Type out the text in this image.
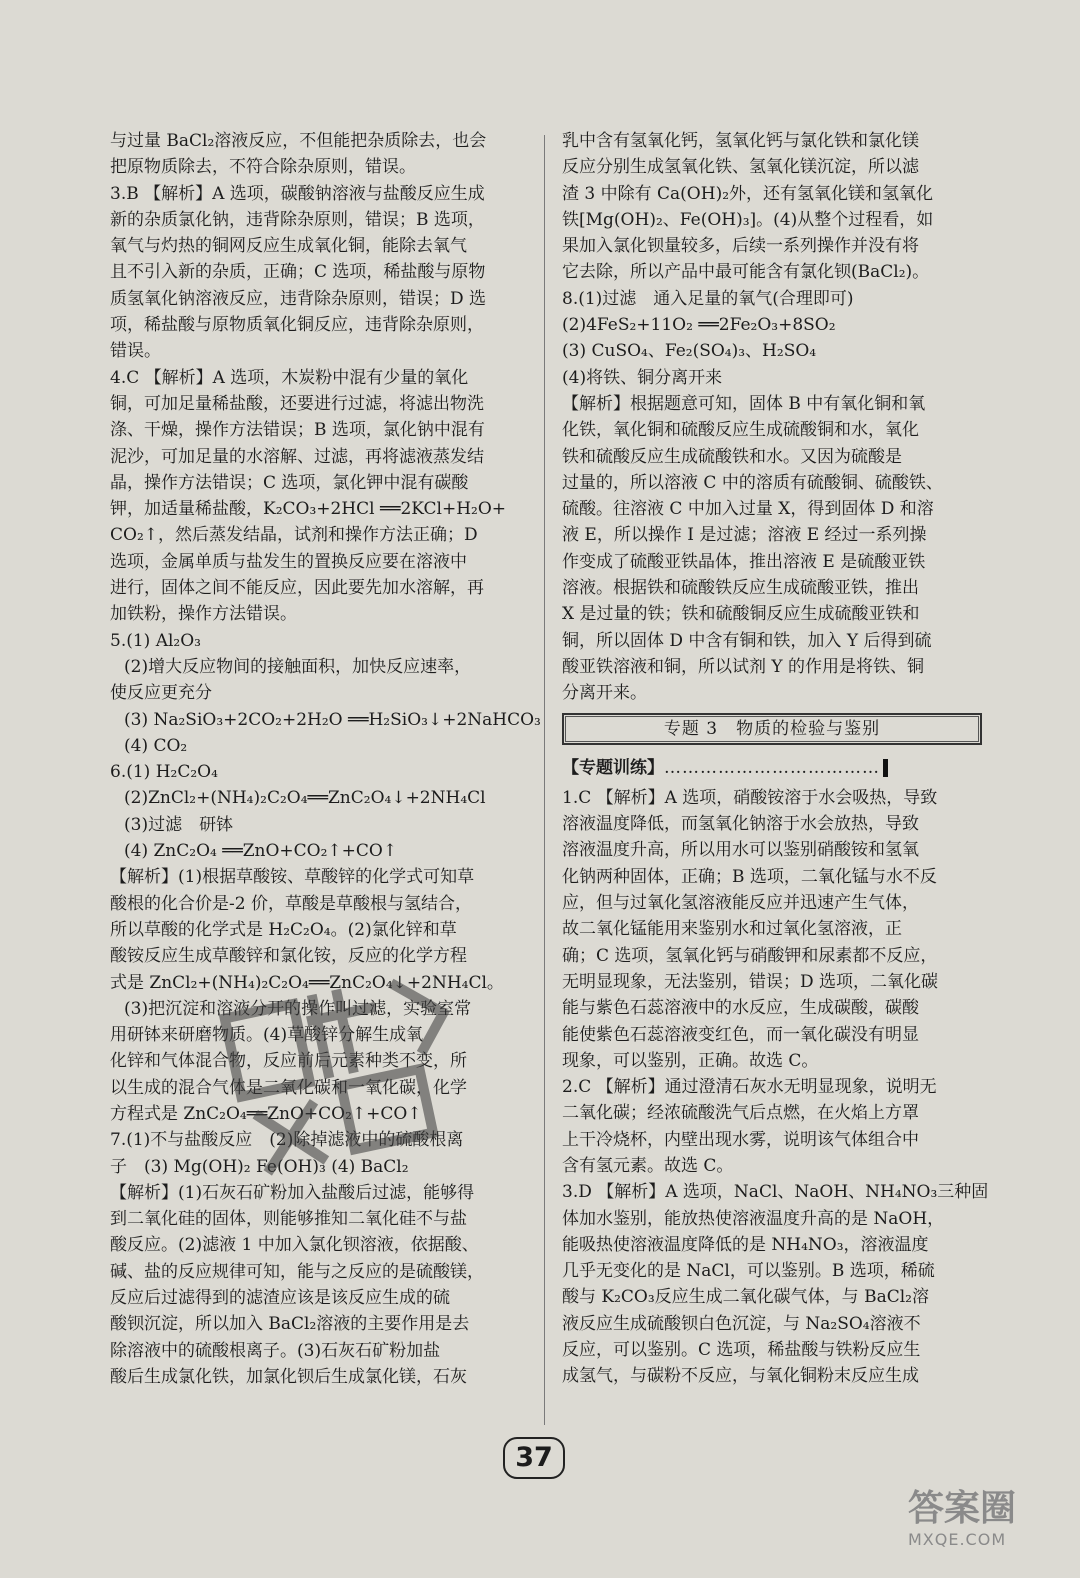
与过量 BaCl₂溶液反应，不但能把杂质除去，也会
把原物质除去，不符合除杂原则，错误。
3.B 【解析】A 选项，碳酸钠溶液与盐酸反应生成
新的杂质氯化钠，违背除杂原则，错误；B 选项，
氧气与灼热的铜网反应生成氧化铜，能除去氧气
且不引入新的杂质，正确；C 选项，稀盐酸与原物
质氢氧化钠溶液反应，违背除杂原则，错误；D 选
项，稀盐酸与原物质氧化铜反应，违背除杂原则，
错误。
4.C 【解析】A 选项，木炭粉中混有少量的氧化
铜，可加足量稀盐酸，还要进行过滤，将滤出物洗
涤、干燥，操作方法错误；B 选项，氯化钠中混有
泥沙，可加足量的水溶解、过滤，再将滤液蒸发结
晶，操作方法错误；C 选项，氯化钾中混有碳酸
钾，加适量稀盐酸，K₂CO₃+2HCl ══2KCl+H₂O+
CO₂↑，然后蒸发结晶，试剂和操作方法正确；D
选项，金属单质与盐发生的置换反应要在溶液中
进行，固体之间不能反应，因此要先加水溶解，再
加铁粉，操作方法错误。
5.(1) Al₂O₃
(2)增大反应物间的接触面积，加快反应速率，
使反应更充分
(3) Na₂SiO₃+2CO₂+2H₂O ══H₂SiO₃↓+2NaHCO₃
(4) CO₂
6.(1) H₂C₂O₄
(2)ZnCl₂+(NH₄)₂C₂O₄══ZnC₂O₄↓+2NH₄Cl
(3)过滤　研钵
(4) ZnC₂O₄ ══ZnO+CO₂↑+CO↑
【解析】(1)根据草酸铵、草酸锌的化学式可知草
酸根的化合价是-2 价，草酸是草酸根与氢结合，
所以草酸的化学式是 H₂C₂O₄。(2)氯化锌和草
酸铵反应生成草酸锌和氯化铵，反应的化学方程
式是 ZnCl₂+(NH₄)₂C₂O₄══ZnC₂O₄↓+2NH₄Cl。
(3)把沉淀和溶液分开的操作叫过滤，实验室常
用研钵来研磨物质。(4)草酸锌分解生成氧
化锌和气体混合物，反应前后元素种类不变，所
以生成的混合气体是二氧化碳和一氧化碳，化学
方程式是 ZnC₂O₄══ZnO+CO₂↑+CO↑
7.(1)不与盐酸反应　(2)除掉滤液中的硫酸根离
子　(3) Mg(OH)₂ Fe(OH)₃ (4) BaCl₂
【解析】(1)石灰石矿粉加入盐酸后过滤，能够得
到二氧化硅的固体，则能够推知二氧化硅不与盐
酸反应。(2)滤液 1 中加入氯化钡溶液，依据酸、
碱、盐的反应规律可知，能与之反应的是硫酸镁，
反应后过滤得到的滤渣应该是该反应生成的硫
酸钡沉淀，所以加入 BaCl₂溶液的主要作用是去
除溶液中的硫酸根离子。(3)石灰石矿粉加盐
酸后生成氯化铁，加氯化钡后生成氯化镁，石灰
乳中含有氢氧化钙，氢氧化钙与氯化铁和氯化镁
反应分别生成氢氧化铁、氢氧化镁沉淀，所以滤
渣 3 中除有 Ca(OH)₂外，还有氢氧化镁和氢氧化
铁[Mg(OH)₂、Fe(OH)₃]。(4)从整个过程看，如
果加入氯化钡量较多，后续一系列操作并没有将
它去除，所以产品中最可能含有氯化钡(BaCl₂)。
8.(1)过滤　通入足量的氧气(合理即可)
(2)4FeS₂+11O₂ ══2Fe₂O₃+8SO₂
(3) CuSO₄、Fe₂(SO₄)₃、H₂SO₄
(4)将铁、铜分离开来
【解析】根据题意可知，固体 B 中有氧化铜和氧
化铁，氧化铜和硫酸反应生成硫酸铜和水，氧化
铁和硫酸反应生成硫酸铁和水。又因为硫酸是
过量的，所以溶液 C 中的溶质有硫酸铜、硫酸铁、
硫酸。往溶液 C 中加入过量 X，得到固体 D 和溶
液 E，所以操作 I 是过滤；溶液 E 经过一系列操
作变成了硫酸亚铁晶体，推出溶液 E 是硫酸亚铁
溶液。根据铁和硫酸铁反应生成硫酸亚铁，推出
X 是过量的铁；铁和硫酸铜反应生成硫酸亚铁和
铜，所以固体 D 中含有铜和铁，加入 Y 后得到硫
酸亚铁溶液和铜，所以试剂 Y 的作用是将铁、铜
分离开来。
专题 3　物质的检验与鉴别
【专题训练】………………………………
1.C 【解析】A 选项，硝酸铵溶于水会吸热，导致
溶液温度降低，而氢氧化钠溶于水会放热，导致
溶液温度升高，所以用水可以鉴别硝酸铵和氢氧
化钠两种固体，正确；B 选项，二氧化锰与水不反
应，但与过氧化氢溶液能反应并迅速产生气体，
故二氧化锰能用来鉴别水和过氧化氢溶液，正
确；C 选项，氢氧化钙与硝酸钾和尿素都不反应，
无明显现象，无法鉴别，错误；D 选项，二氧化碳
能与紫色石蕊溶液中的水反应，生成碳酸，碳酸
能使紫色石蕊溶液变红色，而一氧化碳没有明显
现象，可以鉴别，正确。故选 C。
2.C 【解析】通过澄清石灰水无明显现象，说明无
二氧化碳；经浓硫酸洗气后点燃，在火焰上方罩
上干冷烧杯，内壁出现水雾，说明该气体组合中
含有氢元素。故选 C。
3.D 【解析】A 选项，NaCl、NaOH、NH₄NO₃三种固
体加水鉴别，能放热使溶液温度升高的是 NaOH，
能吸热使溶液温度降低的是 NH₄NO₃，溶液温度
几乎无变化的是 NaCl，可以鉴别。B 选项，稀硫
酸与 K₂CO₃反应生成二氧化碳气体，与 BaCl₂溶
液反应生成硫酸钡白色沉淀，与 Na₂SO₄溶液不
反应，可以鉴别。C 选项，稀盐酸与铁粉反应生
成氢气，与碳粉不反应，与氧化铜粉末反应生成
37
答案圈
MXQE.COM
